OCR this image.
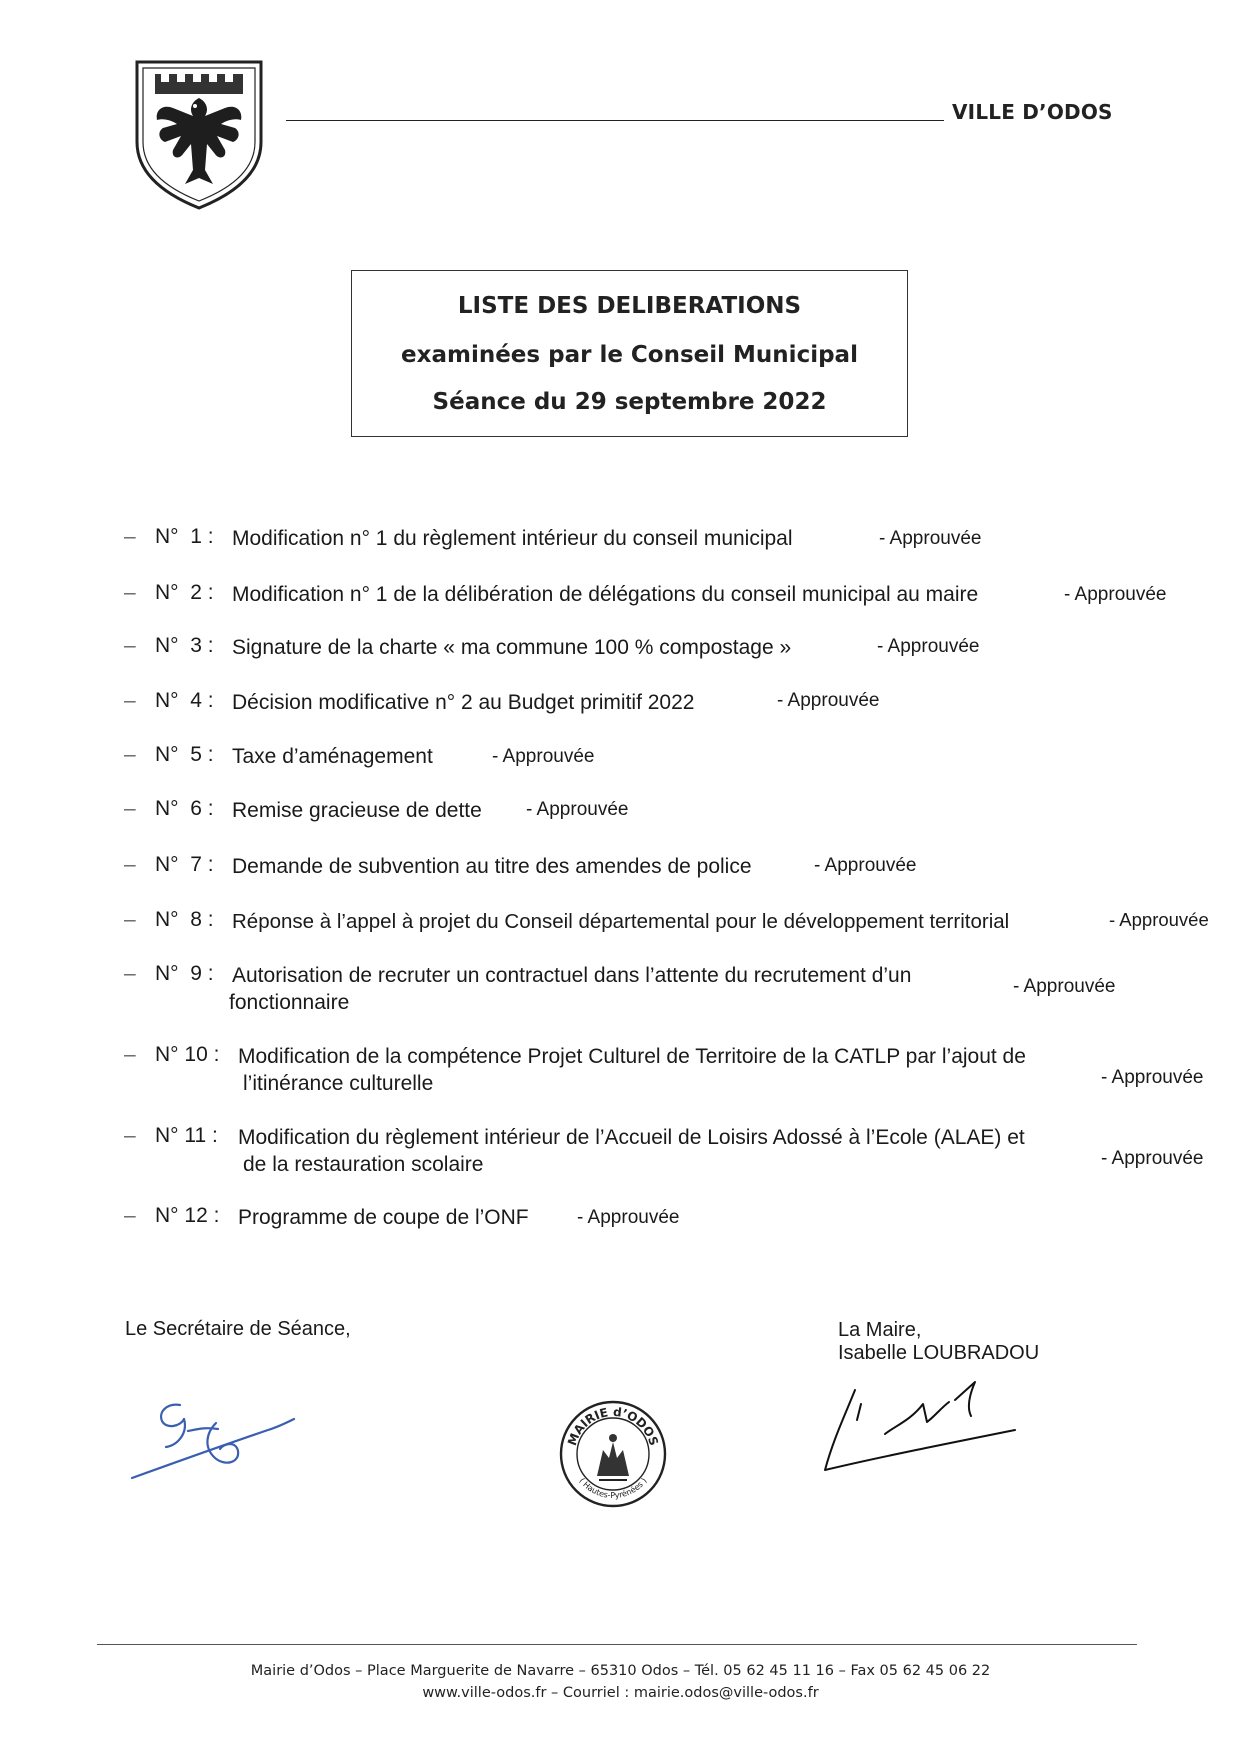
VILLE D’ODOS
LISTE DES DELIBERATIONS
examinées par le Conseil Municipal
Séance du 29 septembre 2022
– N°  1 : Modification n° 1 du règlement intérieur du conseil municipal	- Approuvée
– N°  2 : Modification n° 1 de la délibération de délégations du conseil municipal au maire	- Approuvée
– N°  3 : Signature de la charte « ma commune 100 % compostage »	- Approuvée
– N°  4 : Décision modificative n° 2 au Budget primitif 2022	- Approuvée
– N°  5 : Taxe d’aménagement	- Approuvée
– N°  6 : Remise gracieuse de dette - Approuvée
– N°  7 : Demande de subvention au titre des amendes de police	- Approuvée
– N°  8 : Réponse à l’appel à projet du Conseil départemental pour le développement territorial	- Approuvée
– N°  9 : Autorisation de recruter un contractuel dans l’attente du recrutement d’un
fonctionnaire
- Approuvée
– N° 10 : Modification de la compétence Projet Culturel de Territoire de la CATLP par l’ajout de
l’itinérance culturelle	- Approuvée
– N° 11 : Modification du règlement intérieur de l’Accueil de Loisirs Adossé à l’Ecole (ALAE) et
de la restauration scolaire	- Approuvée
– N° 12 : Programme de coupe de l’ONF	- Approuvée
Le Secrétaire de Séance,	La Maire,
Isabelle LOUBRADOU
MAIRIE d’ODOS
( Hautes-Pyrénées )
Mairie d’Odos – Place Marguerite de Navarre – 65310 Odos – Tél. 05 62 45 11 16 – Fax 05 62 45 06 22
www.ville-odos.fr – Courriel : mairie.odos@ville-odos.fr
